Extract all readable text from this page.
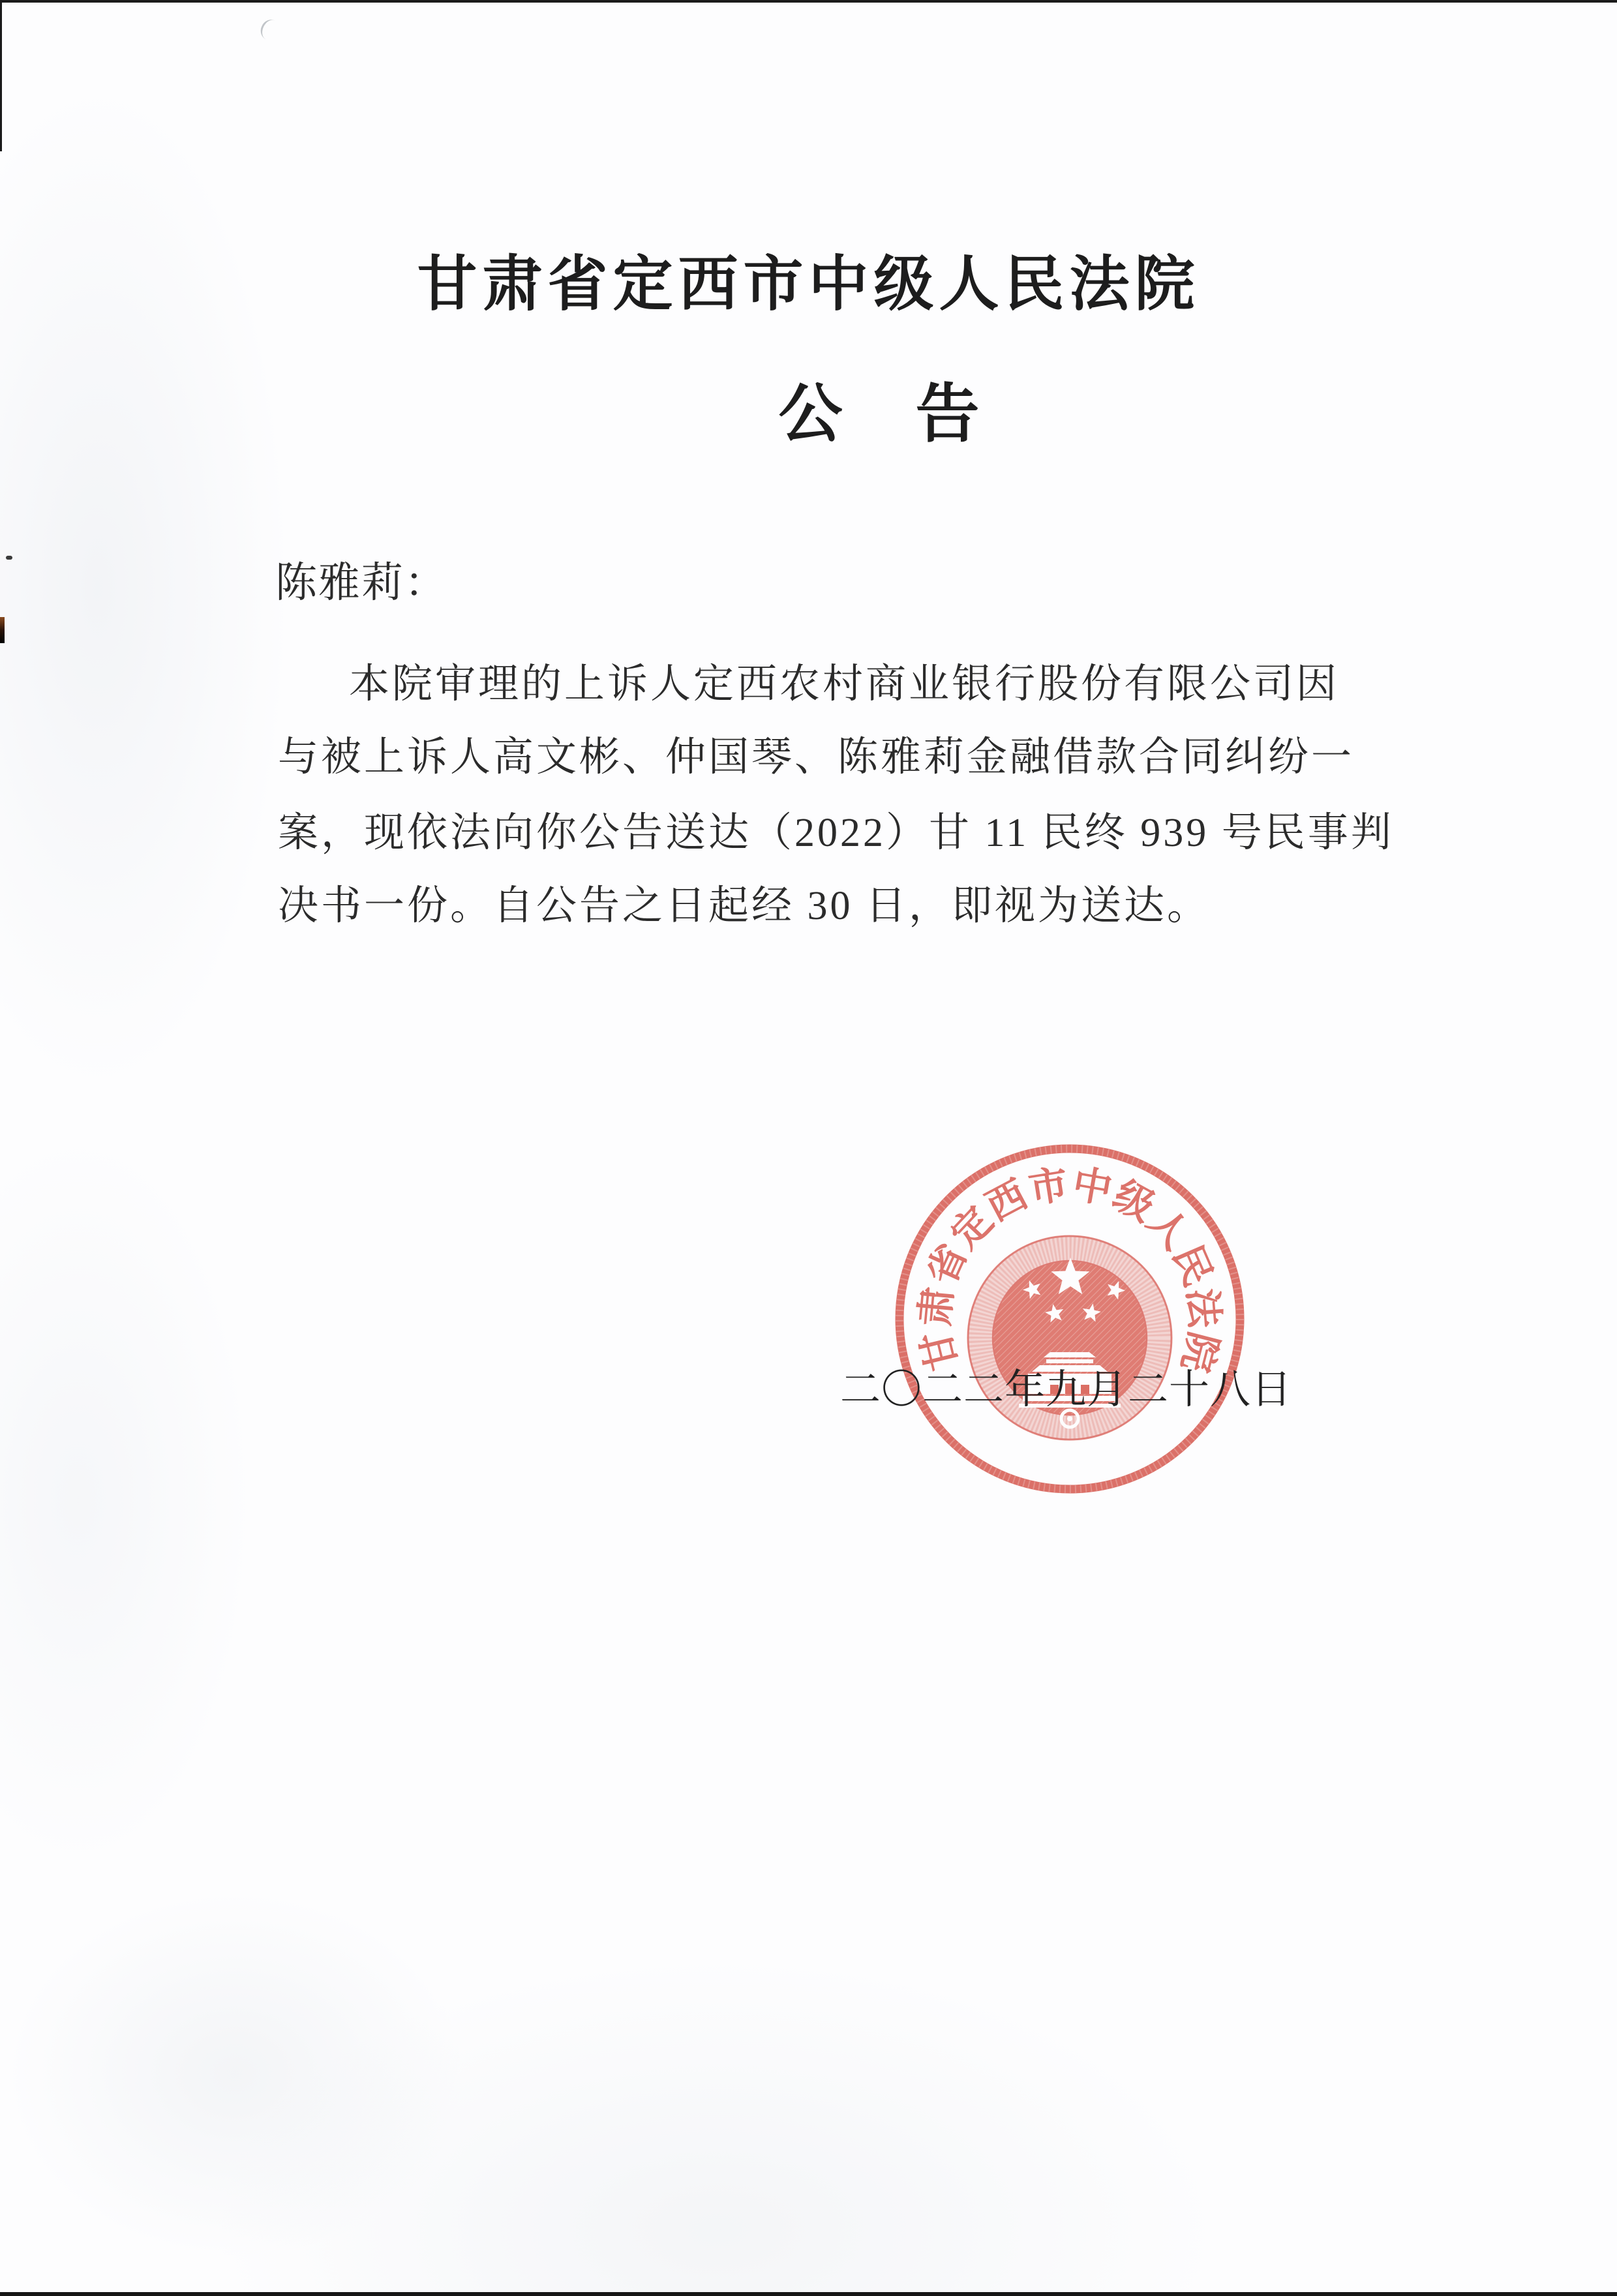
甘肃省定西市中级人民法院
公 告
陈雅莉：
本院审理的上诉人定西农村商业银行股份有限公司因
与被上诉人高文彬、仲国琴、陈雅莉金融借款合同纠纷一
案，现依法向你公告送达（2022）甘 11 民终 939 号民事判
决书一份。自公告之日起经 30 日，即视为送达。
甘肃省定西市中级人民法院
二〇二二年九月二十八日
